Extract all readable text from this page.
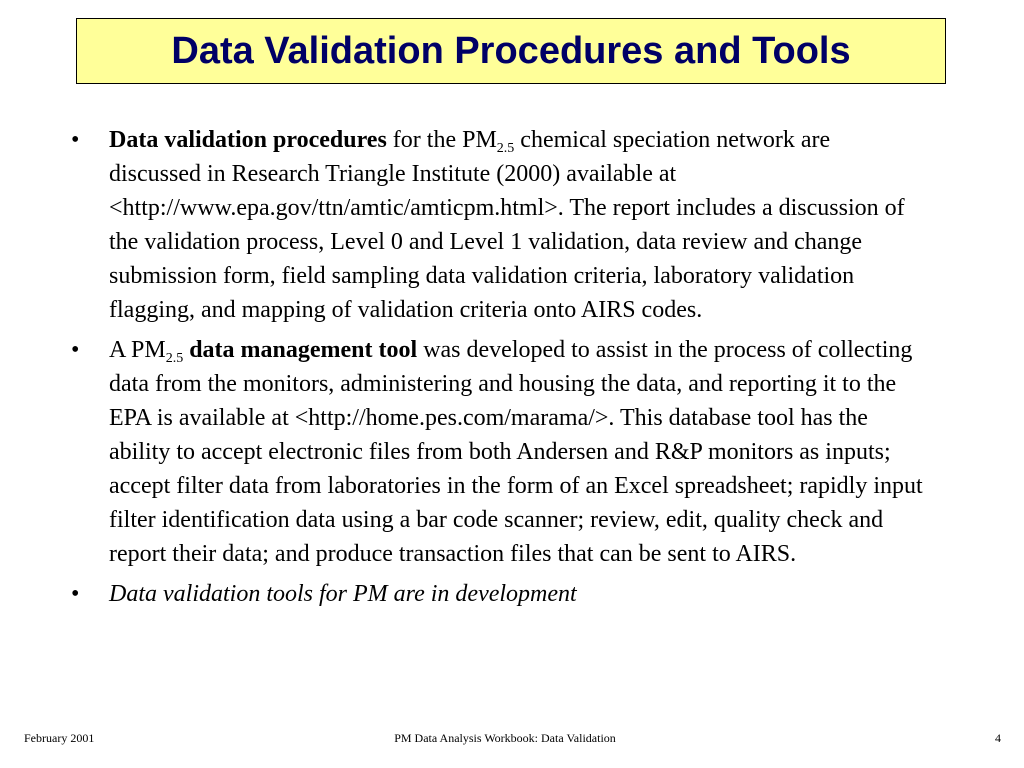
Data Validation Procedures and Tools
• Data validation procedures for the $PM_{2.5}$ chemical speciation network are discussed in Research Triangle Institute (2000) available at <http://www.epa.gov/ttn/amtic/amticpm.html>. The report includes a discussion of the validation process, Level 0 and Level 1 validation, data review and change submission form, field sampling data validation criteria, laboratory validation flagging, and mapping of validation criteria onto AIRS codes.
• A $PM_{2.5}$ data management tool was developed to assist in the process of collecting data from the monitors, administering and housing the data, and reporting it to the EPA is available at <http://home.pes.com/marama/>. This database tool has the ability to accept electronic files from both Andersen and R&P monitors as inputs; accept filter data from laboratories in the form of an Excel spreadsheet; rapidly input filter identification data using a bar code scanner; review, edit, quality check and report their data; and produce transaction files that can be sent to AIRS.
• Data validation tools for PM are in development
February 2001	PM Data Analysis Workbook: Data Validation	4
